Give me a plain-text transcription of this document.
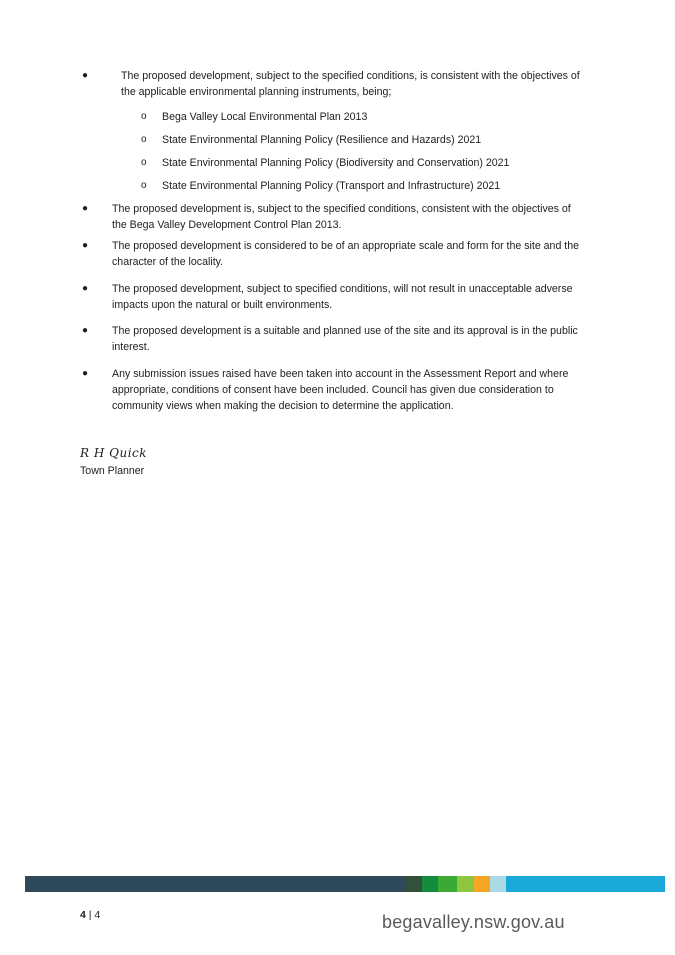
●	The proposed development, subject to the specified conditions, is consistent with the objectives of the applicable environmental planning instruments, being;
o Bega Valley Local Environmental Plan 2013
o State Environmental Planning Policy (Resilience and Hazards) 2021
o State Environmental Planning Policy (Biodiversity and Conservation) 2021
o State Environmental Planning Policy (Transport and Infrastructure) 2021
● The proposed development is, subject to the specified conditions, consistent with the objectives of the Bega Valley Development Control Plan 2013.
● The proposed development is considered to be of an appropriate scale and form for the site and the character of the locality.
● The proposed development, subject to specified conditions, will not result in unacceptable adverse impacts upon the natural or built environments.
● The proposed development is a suitable and planned use of the site and its approval is in the public interest.
● Any submission issues raised have been taken into account in the Assessment Report and where appropriate, conditions of consent have been included. Council has given due consideration to community views when making the decision to determine the application.
R H Quick
Town Planner
4 | 4	begavalley.nsw.gov.au
